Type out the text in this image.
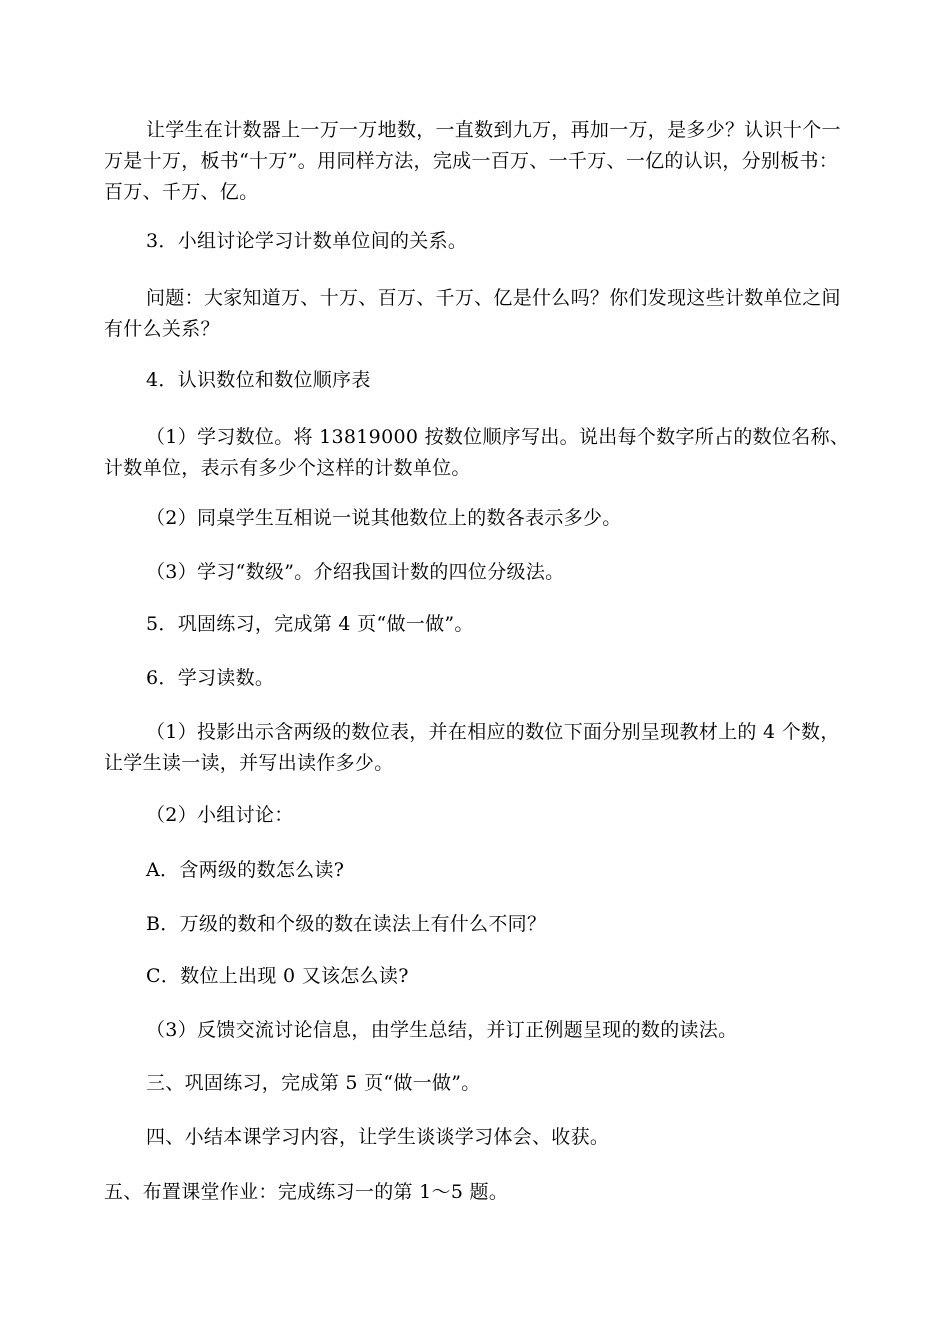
让学生在计数器上一万一万地数，一直数到九万，再加一万，是多少？认识十个一万是十万，板书“十万”。用同样方法，完成一百万、一千万、一亿的认识，分别板书：百万、千万、亿。

3．小组讨论学习计数单位间的关系。

问题：大家知道万、十万、百万、千万、亿是什么吗？你们发现这些计数单位之间有什么关系？

4．认识数位和数位顺序表

（1）学习数位。将 13819000 按数位顺序写出。说出每个数字所占的数位名称、计数单位，表示有多少个这样的计数单位。

（2）同桌学生互相说一说其他数位上的数各表示多少。

（3）学习“数级”。介绍我国计数的四位分级法。

5．巩固练习，完成第 4 页“做一做”。

6．学习读数。

（1）投影出示含两级的数位表，并在相应的数位下面分别呈现教材上的 4 个数，让学生读一读，并写出读作多少。

（2）小组讨论：

A．含两级的数怎么读?

B．万级的数和个级的数在读法上有什么不同？

C．数位上出现 0 又该怎么读?

（3）反馈交流讨论信息，由学生总结，并订正例题呈现的数的读法。

三、巩固练习，完成第 5 页“做一做”。

四、小结本课学习内容，让学生谈谈学习体会、收获。

五、布置课堂作业：完成练习一的第 1～5 题。
